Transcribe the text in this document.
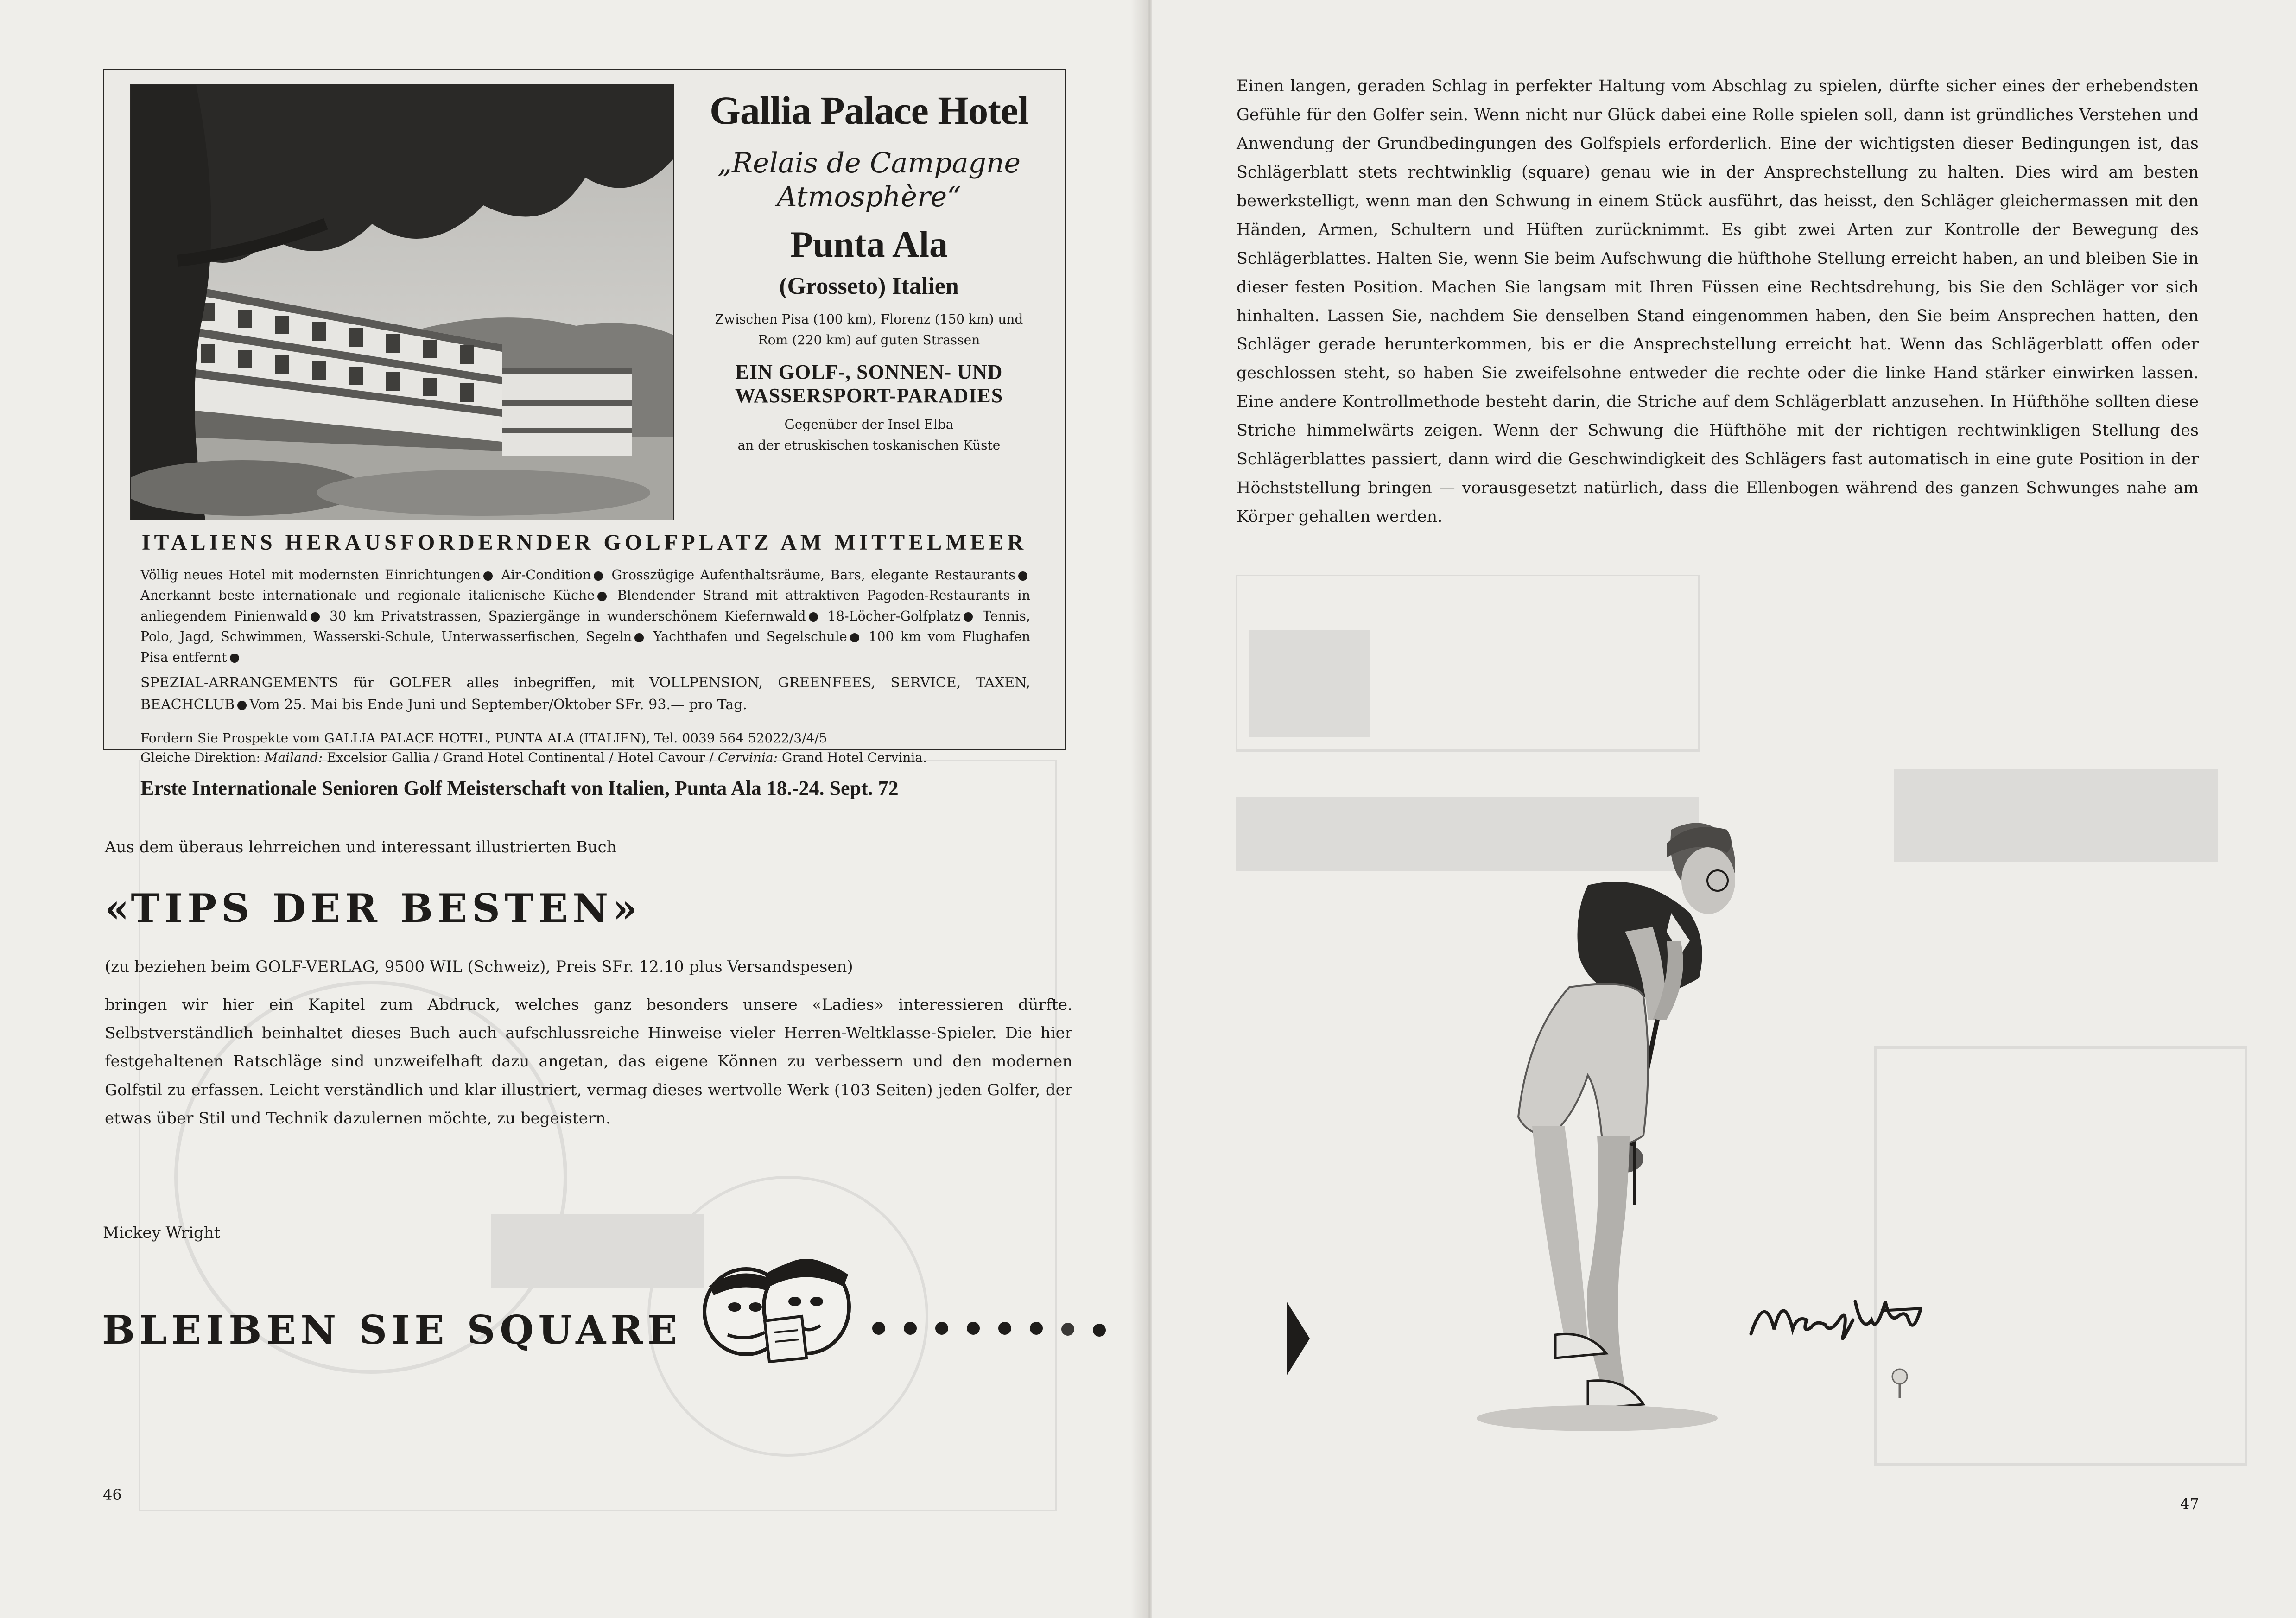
Gallia Palace Hotel
„Relais de Campagne
Atmosphère“
Punta Ala
(Grosseto) Italien
Zwischen Pisa (100 km), Florenz (150 km) und
Rom (220 km) auf guten Strassen
EIN GOLF-, SONNEN- UND
WASSERSPORT-PARADIES
Gegenüber der Insel Elba
an der etruskischen toskanischen Küste
ITALIENS HERAUSFORDERNDER GOLFPLATZ AM MITTELMEER
Völlig neues Hotel mit modernsten Einrichtungen Air-Condition Grosszügige Aufenthaltsräume, Bars, elegante Restaurants Anerkannt beste internationale und regionale italienische Küche Blendender Strand mit attraktiven Pagoden-Restaurants in anliegendem Pinienwald 30 km Privatstrassen, Spaziergänge in wunderschönem Kiefernwald 18-Löcher-Golfplatz Tennis, Polo, Jagd, Schwimmen, Wasserski-Schule, Unterwasserfischen, Segeln Yachthafen und Segelschule 100 km vom Flughafen Pisa entfernt
SPEZIAL-ARRANGEMENTS für GOLFER alles inbegriffen, mit VOLLPENSION, GREENFEES, SERVICE, TAXEN, BEACHCLUB Vom 25. Mai bis Ende Juni und September/Oktober SFr. 93.— pro Tag.
Fordern Sie Prospekte vom GALLIA PALACE HOTEL, PUNTA ALA (ITALIEN), Tel. 0039 564 52022/3/4/5
Gleiche Direktion: Mailand: Excelsior Gallia / Grand Hotel Continental / Hotel Cavour / Cervinia: Grand Hotel Cervinia.
Erste Internationale Senioren Golf Meisterschaft von Italien, Punta Ala 18.-24. Sept. 72
Aus dem überaus lehrreichen und interessant illustrierten Buch
«TIPS DER BESTEN»
(zu beziehen beim GOLF-VERLAG, 9500 WIL (Schweiz), Preis SFr. 12.10 plus Versandspesen)
bringen wir hier ein Kapitel zum Abdruck, welches ganz besonders unsere «Ladies» interessieren dürfte. Selbstverständlich beinhaltet dieses Buch auch aufschlussreiche Hinweise vieler Herren-Weltklasse-Spieler. Die hier festgehaltenen Ratschläge sind unzweifelhaft dazu angetan, das eigene Können zu verbessern und den modernen Golfstil zu erfassen. Leicht verständlich und klar illustriert, vermag dieses wertvolle Werk (103 Seiten) jeden Golfer, der etwas über Stil und Technik dazulernen möchte, zu begeistern.
Mickey Wright
BLEIBEN SIE SQUARE
46
Einen langen, geraden Schlag in perfekter Haltung vom Abschlag zu spielen, dürfte sicher eines der erhebendsten Gefühle für den Golfer sein. Wenn nicht nur Glück dabei eine Rolle spielen soll, dann ist gründliches Verstehen und Anwendung der Grundbedingungen des Golfspiels erforderlich. Eine der wichtigsten dieser Bedingungen ist, das Schlägerblatt stets rechtwinklig (square) genau wie in der Ansprechstellung zu halten. Dies wird am besten bewerkstelligt, wenn man den Schwung in einem Stück ausführt, das heisst, den Schläger gleichermassen mit den Händen, Armen, Schultern und Hüften zurücknimmt. Es gibt zwei Arten zur Kontrolle der Bewegung des Schlägerblattes. Halten Sie, wenn Sie beim Aufschwung die hüfthohe Stellung erreicht haben, an und bleiben Sie in dieser festen Position. Machen Sie langsam mit Ihren Füssen eine Rechtsdrehung, bis Sie den Schläger vor sich hinhalten. Lassen Sie, nachdem Sie denselben Stand eingenommen haben, den Sie beim Ansprechen hatten, den Schläger gerade herunterkommen, bis er die Ansprechstellung erreicht hat. Wenn das Schlägerblatt offen oder geschlossen steht, so haben Sie zweifelsohne entweder die rechte oder die linke Hand stärker einwirken lassen. Eine andere Kontrollmethode besteht darin, die Striche auf dem Schlägerblatt anzusehen. In Hüfthöhe sollten diese Striche himmelwärts zeigen. Wenn der Schwung die Hüfthöhe mit der richtigen rechtwinkligen Stellung des Schlägerblattes passiert, dann wird die Geschwindigkeit des Schlägers fast automatisch in eine gute Position in der Höchststellung bringen — vorausgesetzt natürlich, dass die Ellenbogen während des ganzen Schwunges nahe am Körper gehalten werden.
47
